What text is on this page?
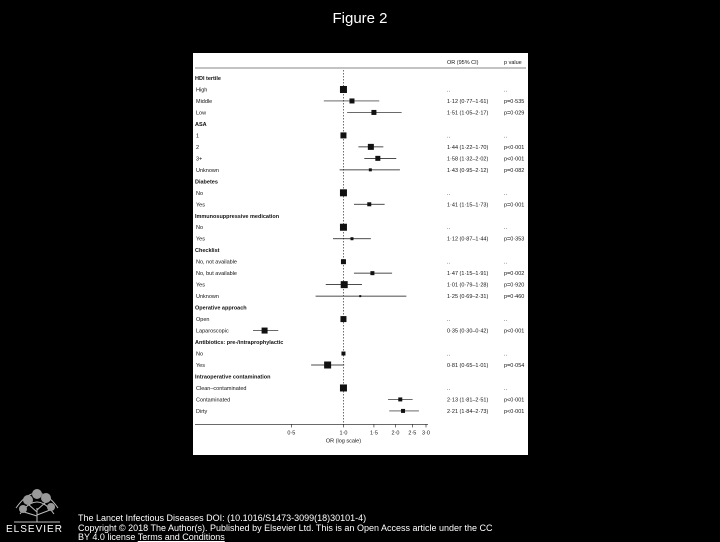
Figure 2
OR (95% CI)	p value
HDI tertile
High	..	..
Middle	1·12 (0·77–1·61)	p=0·535
Low	1·51 (1·05–2·17)	p=0·029
ASA
1	..	..
2	1·44 (1·22–1·70)	p<0·001
3+	1·58 (1·32–2·02)	p<0·001
Unknown	1·43 (0·95–2·12)	p=0·082
Diabetes
No	..	..
Yes	1·41 (1·15–1·73)	p=0·001
Immunosuppressive medication
No	..	..
Yes	1·12 (0·87–1·44)	p=0·353
Checklist
No, not available	..	..
No, but available	1·47 (1·15–1·91)	p=0·002
Yes	1·01 (0·79–1·28)	p=0·920
Unknown	1·25 (0·69–2·31)	p=0·460
Operative approach
Open	..	..
Laparoscopic	0·35 (0·30–0·42)	p<0·001
Antibiotics: pre-/intraprophylactic
No	..	..
Yes	0·81 (0·65–1·01)	p=0·054
Intraoperative contamination
Clean–contaminated	..	..
Contaminated	2·13 (1·81–2·51)	p<0·001
Dirty	2·21 (1·84–2·73)	p<0·001
0·5	1·0	1·5 2·0 2·5 3·0
OR (log scale)
ELSEVIER
The Lancet Infectious Diseases DOI: (10.1016/S1473-3099(18)30101-4)
Copyright © 2018 The Author(s). Published by Elsevier Ltd. This is an Open Access article under the CC
BY 4.0 license Terms and Conditions
